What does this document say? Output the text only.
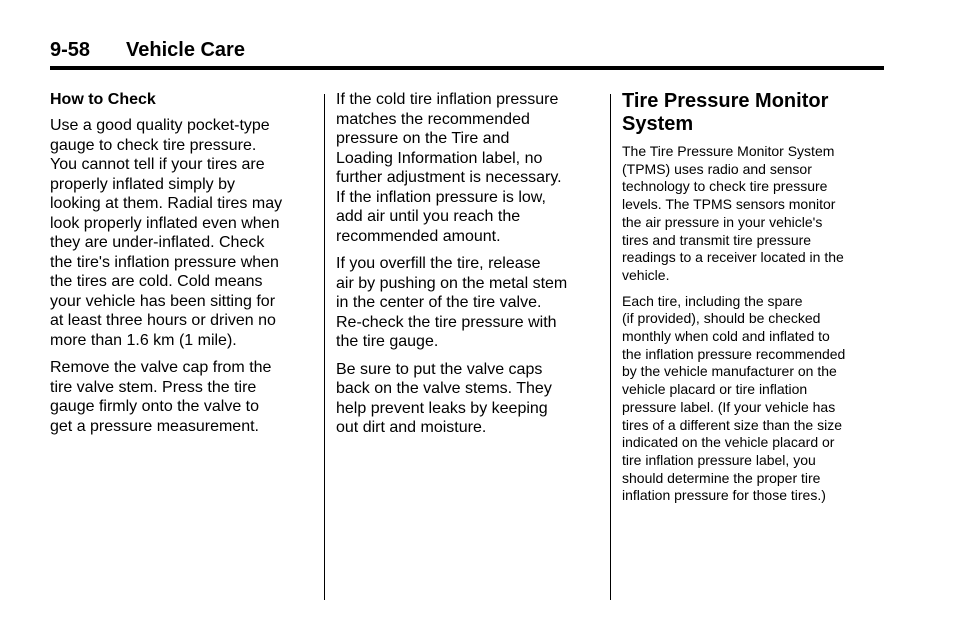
9-58 Vehicle Care
How to Check

Use a good quality pocket-type
gauge to check tire pressure.
You cannot tell if your tires are
properly inflated simply by
looking at them. Radial tires may
look properly inflated even when
they are under-inflated. Check
the tire's inflation pressure when
the tires are cold. Cold means
your vehicle has been sitting for
at least three hours or driven no
more than 1.6 km (1 mile).

Remove the valve cap from the
tire valve stem. Press the tire
gauge firmly onto the valve to
get a pressure measurement.

If the cold tire inflation pressure
matches the recommended
pressure on the Tire and
Loading Information label, no
further adjustment is necessary.
If the inflation pressure is low,
add air until you reach the
recommended amount.

If you overfill the tire, release
air by pushing on the metal stem
in the center of the tire valve.
Re-check the tire pressure with
the tire gauge.

Be sure to put the valve caps
back on the valve stems. They
help prevent leaks by keeping
out dirt and moisture.

Tire Pressure Monitor
System

The Tire Pressure Monitor System
(TPMS) uses radio and sensor
technology to check tire pressure
levels. The TPMS sensors monitor
the air pressure in your vehicle's
tires and transmit tire pressure
readings to a receiver located in the
vehicle.

Each tire, including the spare
(if provided), should be checked
monthly when cold and inflated to
the inflation pressure recommended
by the vehicle manufacturer on the
vehicle placard or tire inflation
pressure label. (If your vehicle has
tires of a different size than the size
indicated on the vehicle placard or
tire inflation pressure label, you
should determine the proper tire
inflation pressure for those tires.)
